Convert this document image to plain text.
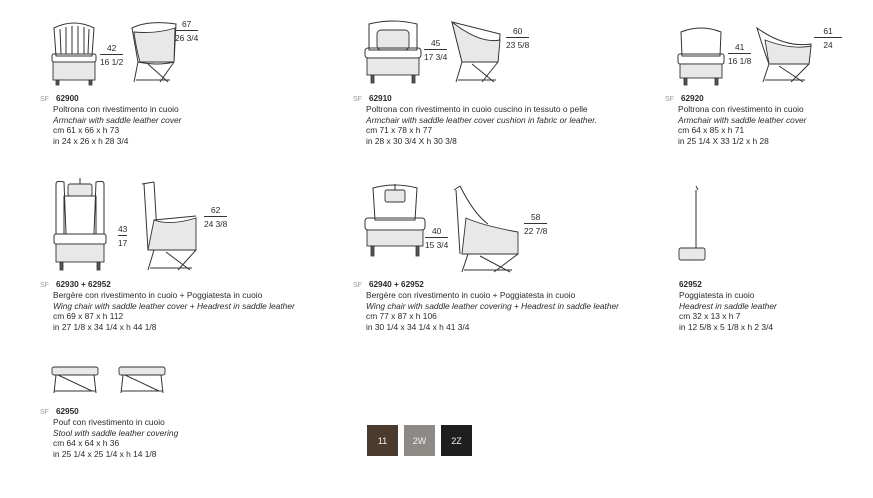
42
16 1/2
67
26 3/4
SF 62900
Poltrona con rivestimento in cuoio
Armchair with saddle leather cover
cm 61 x 66 x h 73
in 24 x 26 x h 28 3/4
45
17 3/4
60
23 5/8
SF 62910
Poltrona con rivestimento in cuoio cuscino in tessuto o pelle
Armchair with saddle leather cover cushion in fabric or leather.
cm 71 x 78 x h 77
in 28 x 30 3/4 X h 30 3/8
41
16 1/8
61
24
SF 62920
Poltrona con rivestimento in cuoio
Armchair with saddle leather cover
cm 64 x 85 x h 71
in 25 1/4 X 33 1/2 x h 28
43
17
62
24 3/8
SF 62930 + 62952
Bergère con rivestimento in cuoio + Poggiatesta in cuoio
Wing chair with saddle leather cover + Headrest in saddle leather
cm 69 x 87 x h 112
in 27 1/8 x 34 1/4 x h 44 1/8
40
15 3/4
58
22 7/8
SF 62940 + 62952
Bergère con rivestimento in cuoio + Poggiatesta in cuoio
Wing chair with saddle leather covering + Headrest in saddle leather
cm 77 x 87 x h 106
in 30 1/4 x 34 1/4 x h 41 3/4
62952
Poggiatesta in cuoio
Headrest in saddle leather
cm 32 x 13 x h 7
in 12 5/8 x 5 1/8 x h 2 3/4
SF 62950
Pouf con rivestimento in cuoio
Stool with saddle leather covering
cm 64 x 64 x h 36
in 25 1/4 x 25 1/4 x h 14 1/8
11	2W	2Z
